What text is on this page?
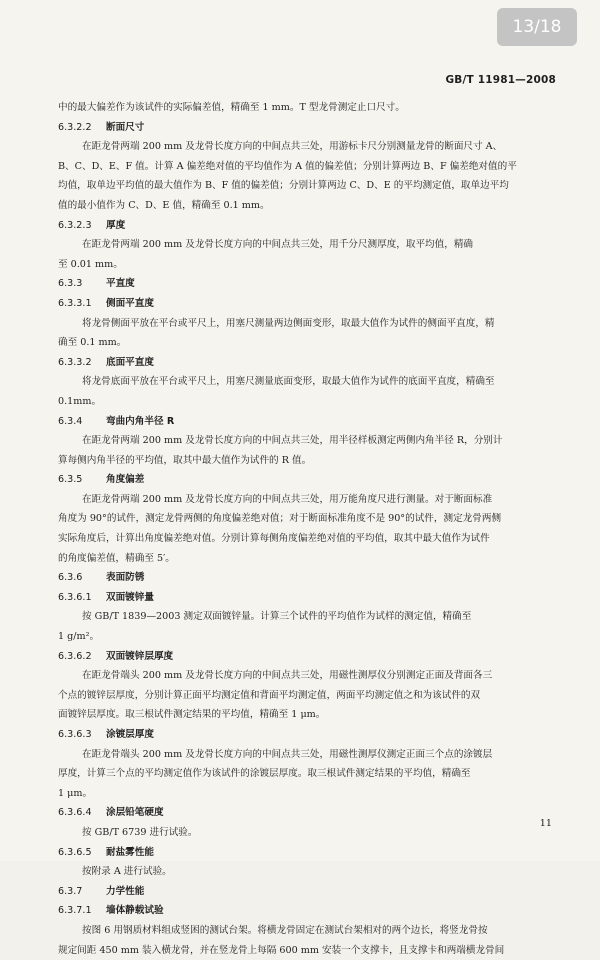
13/18
GB/T 11981—2008
中的最大偏差作为该试件的实际偏差值，精确至 1 mm。T 型龙骨测定止口尺寸。
6.3.2.2 断面尺寸
在距龙骨两端 200 mm 及龙骨长度方向的中间点共三处，用游标卡尺分别测量龙骨的断面尺寸 A、
B、C、D、E、F 值。计算 A 偏差绝对值的平均值作为 A 值的偏差值；分别计算两边 B、F 偏差绝对值的平
均值，取单边平均值的最大值作为 B、F 值的偏差值；分别计算两边 C、D、E 的平均测定值，取单边平均
值的最小值作为 C、D、E 值，精确至 0.1 mm。
6.3.2.3 厚度
在距龙骨两端 200 mm 及龙骨长度方向的中间点共三处，用千分尺测厚度，取平均值，精确
至 0.01 mm。
6.3.3 平直度
6.3.3.1 侧面平直度
将龙骨侧面平放在平台或平尺上，用塞尺测量两边侧面变形，取最大值作为试件的侧面平直度，精
确至 0.1 mm。
6.3.3.2 底面平直度
将龙骨底面平放在平台或平尺上，用塞尺测量底面变形，取最大值作为试件的底面平直度，精确至
0.1mm。
6.3.4 弯曲内角半径 R
在距龙骨两端 200 mm 及龙骨长度方向的中间点共三处，用半径样板测定两侧内角半径 R，分别计
算每侧内角半径的平均值，取其中最大值作为试件的 R 值。
6.3.5 角度偏差
在距龙骨两端 200 mm 及龙骨长度方向的中间点共三处，用万能角度尺进行测量。对于断面标准
角度为 90°的试件，测定龙骨两侧的角度偏差绝对值；对于断面标准角度不是 90°的试件，测定龙骨两侧
实际角度后，计算出角度偏差绝对值。分别计算每侧角度偏差绝对值的平均值，取其中最大值作为试件
的角度偏差值，精确至 5′。
6.3.6 表面防锈
6.3.6.1 双面镀锌量
按 GB/T 1839—2003 测定双面镀锌量。计算三个试件的平均值作为试样的测定值，精确至
1 g/m²。
6.3.6.2 双面镀锌层厚度
在距龙骨端头 200 mm 及龙骨长度方向的中间点共三处，用磁性测厚仪分别测定正面及背面各三
个点的镀锌层厚度，分别计算正面平均测定值和背面平均测定值，两面平均测定值之和为该试件的双
面镀锌层厚度。取三根试件测定结果的平均值，精确至 1 μm。
6.3.6.3 涂镀层厚度
在距龙骨端头 200 mm 及龙骨长度方向的中间点共三处，用磁性测厚仪测定正面三个点的涂镀层
厚度，计算三个点的平均测定值作为该试件的涂镀层厚度。取三根试件测定结果的平均值，精确至
1 μm。
6.3.6.4 涂层铅笔硬度
按 GB/T 6739 进行试验。
6.3.6.5 耐盐雾性能
按附录 A 进行试验。
6.3.7 力学性能
6.3.7.1 墙体静载试验
按图 6 用钢质材料组成竖困的测试台架。将横龙骨固定在测试台架相对的两个边长，将竖龙骨按
规定间距 450 mm 装入横龙骨，并在竖龙骨上每隔 600 mm 安装一个支撑卡，且支撑卡和两端横龙骨间
11
